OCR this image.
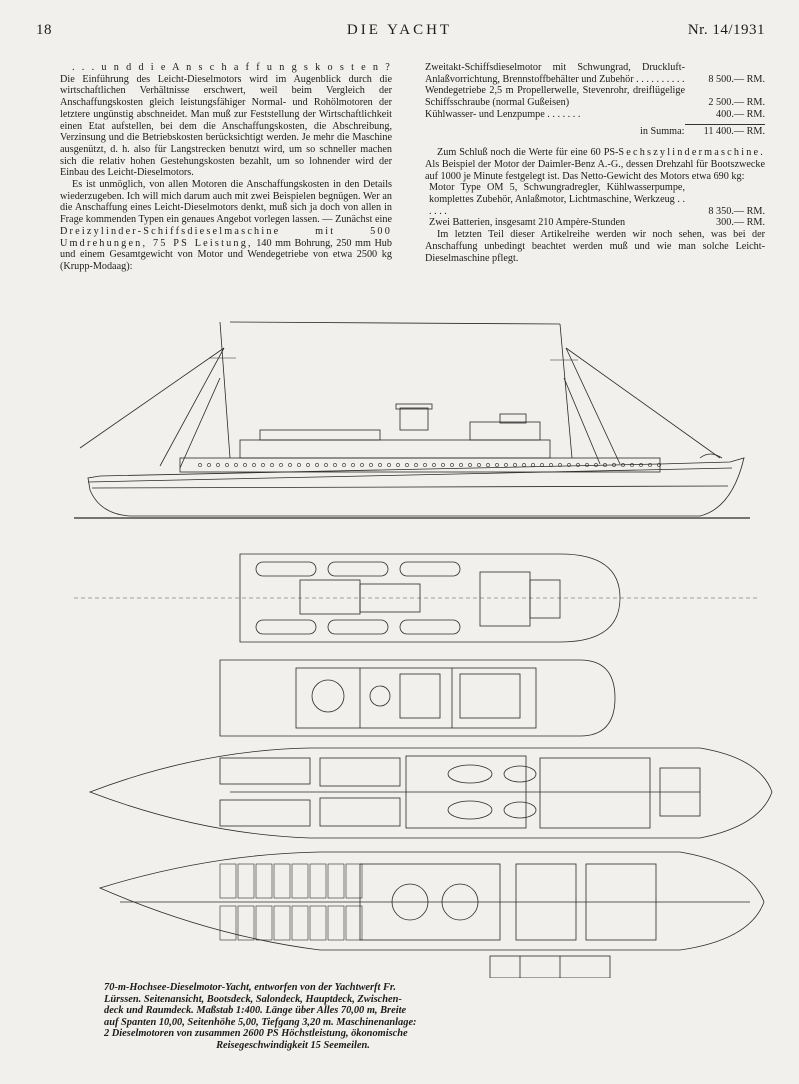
18	DIE YACHT	Nr. 14/1931

. . . u n d d i e A n s c h a f f u n g s k o s t e n ? Die Einführung des Leicht-Dieselmotors wird im Augenblick durch die wirtschaftlichen Verhältnisse erschwert, weil beim Vergleich der Anschaffungskosten gleich leistungsfähiger Normal- und Rohölmotoren der letztere ungünstig abschneidet. Man muß zur Feststellung der Wirtschaftlichkeit einen Etat aufstellen, bei dem die Anschaffungskosten, die Abschreibung, Verzinsung und die Betriebskosten berücksichtigt werden. Je mehr die Maschine ausgenützt, d. h. also für Langstrecken benutzt wird, um so schneller machen sich die relativ hohen Gestehungskosten bezahlt, um so lohnender wird der Einbau des Leicht-Dieselmotors.

Es ist unmöglich, von allen Motoren die Anschaffungskosten in den Details wiederzugeben. Ich will mich darum auch mit zwei Beispielen begnügen. Wer an die Anschaffung eines Leicht-Dieselmotors denkt, muß sich ja doch von allen in Frage kommenden Typen ein genaues Angebot vorlegen lassen. — Zunächst eine Dreizylinder-Schiffsdieselmaschine mit 500 Umdrehungen, 75 PS Leistung, 140 mm Bohrung, 250 mm Hub und einem Gesamtgewicht von Motor und Wendegetriebe von etwa 2500 kg (Krupp-Modaag):

Zweitakt-Schiffsdieselmotor mit Schwungrad, Druckluft-Anlaßvorrichtung, Brennstoffbehälter und Zubehör . . . . . . . . . .	8 500.— RM.
Wendegetriebe 2,5 m Propellerwelle, Stevenrohr, dreiflügelige Schiffsschraube (normal Gußeisen)	2 500.— RM.
Kühlwasser- und Lenzpumpe . . . . . . .	400.— RM.
in Summa: 11 400.— RM.

Zum Schluß noch die Werte für eine 60 PS-Sechszylindermaschine. Als Beispiel der Motor der Daimler-Benz A.-G., dessen Drehzahl für Bootszwecke auf 1000 je Minute festgelegt ist. Das Netto-Gewicht des Motors etwa 690 kg:

Motor Type OM 5, Schwungradregler, Kühlwasserpumpe, komplettes Zubehör, Anlaßmotor, Lichtmaschine, Werkzeug . . . . . .	8 350.— RM.
Zwei Batterien, insgesamt 210 Ampère-Stunden	300.— RM.

Im letzten Teil dieser Artikelreihe werden wir noch sehen, was bei der Anschaffung unbedingt beachtet werden muß und wie man solche Leicht-Dieselmaschine pflegt.

70-m-Hochsee-Dieselmotor-Yacht, entworfen von der Yachtwerft Fr.
Lürssen. Seitenansicht, Bootsdeck, Salondeck, Hauptdeck, Zwischen-
deck und Raumdeck. Maßstab 1:400. Länge über Alles 70,00 m, Breite
auf Spanten 10,00, Seitenhöhe 5,00, Tiefgang 3,20 m. Maschinenanlage:
2 Dieselmotoren von zusammen 2600 PS Höchstleistung, ökonomische
Reisegeschwindigkeit 15 Seemeilen.
